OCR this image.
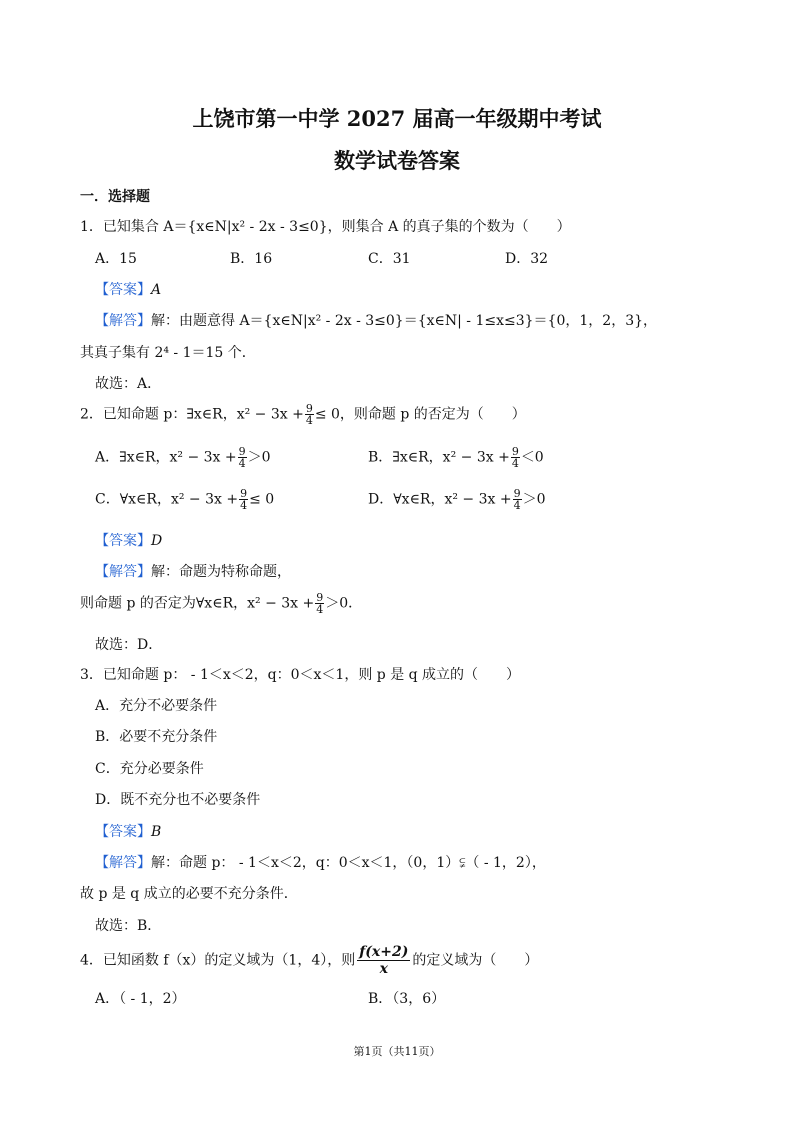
上饶市第一中学 2027 届高一年级期中考试
数学试卷答案
一．选择题
1．已知集合 A＝{x∈N|x² - 2x - 3≤0}，则集合 A 的真子集的个数为（　　）
A．15	B．16	C．31	D．32
【答案】A
【解答】解：由题意得 A＝{x∈N|x² - 2x - 3≤0}＝{x∈N| - 1≤x≤3}＝{0，1，2，3}，
其真子集有 2⁴ - 1＝15 个．
故选：A．
2．已知命题 p：∃x∈R，$x^2 - 3x + \frac{9}{4} \le 0$，则命题 p 的否定为（　　）
A．∃x∈R，$x^2 - 3x + \frac{9}{4} >0$	B．∃x∈R，$x^2 - 3x + \frac{9}{4} <0$
C．∀x∈R，$x^2 - 3x + \frac{9}{4} \le 0$	D．∀x∈R，$x^2 - 3x + \frac{9}{4} >0$
【答案】D
【解答】解：命题为特称命题，
则命题 p 的否定为∀x∈R，$x^2 - 3x + \frac{9}{4} >0$．
故选：D．
3．已知命题 p： - 1＜x＜2，q：0＜x＜1，则 p 是 q 成立的（　　）
A．充分不必要条件
B．必要不充分条件
C．充分必要条件
D．既不充分也不必要条件
【答案】B
【解答】解：命题 p： - 1＜x＜2，q：0＜x＜1，（0，1）⫋（ - 1，2），
故 p 是 q 成立的必要不充分条件．
故选：B．
4．已知函数 f（x）的定义域为（1，4），则 $\frac{f(x+2)}{x}$ 的定义域为（　　）
A．（ - 1，2）	B．（3，6）
第1页（共11页）
